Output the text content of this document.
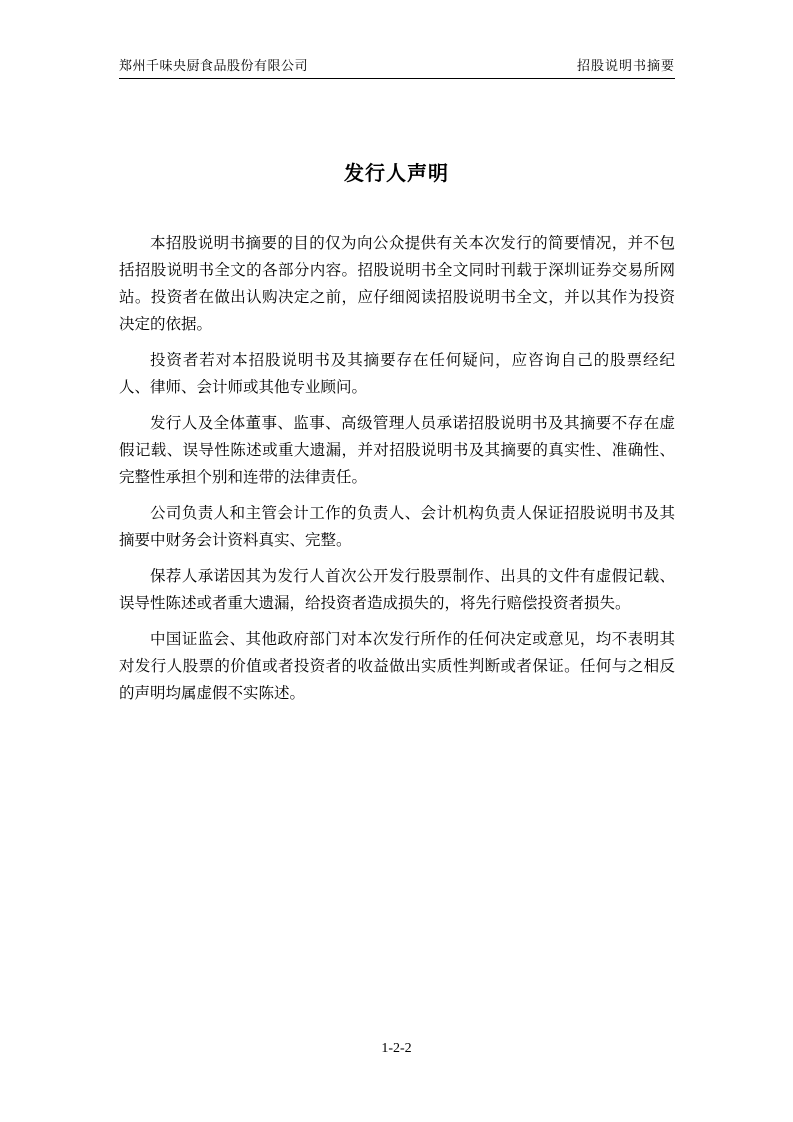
郑州千味央厨食品股份有限公司	招股说明书摘要
发行人声明

本招股说明书摘要的目的仅为向公众提供有关本次发行的简要情况，并不包括招股说明书全文的各部分内容。招股说明书全文同时刊载于深圳证券交易所网站。投资者在做出认购决定之前，应仔细阅读招股说明书全文，并以其作为投资决定的依据。

投资者若对本招股说明书及其摘要存在任何疑问，应咨询自己的股票经纪人、律师、会计师或其他专业顾问。

发行人及全体董事、监事、高级管理人员承诺招股说明书及其摘要不存在虚假记载、误导性陈述或重大遗漏，并对招股说明书及其摘要的真实性、准确性、完整性承担个别和连带的法律责任。

公司负责人和主管会计工作的负责人、会计机构负责人保证招股说明书及其摘要中财务会计资料真实、完整。

保荐人承诺因其为发行人首次公开发行股票制作、出具的文件有虚假记载、误导性陈述或者重大遗漏，给投资者造成损失的，将先行赔偿投资者损失。

中国证监会、其他政府部门对本次发行所作的任何决定或意见，均不表明其对发行人股票的价值或者投资者的收益做出实质性判断或者保证。任何与之相反的声明均属虚假不实陈述。

1-2-2
